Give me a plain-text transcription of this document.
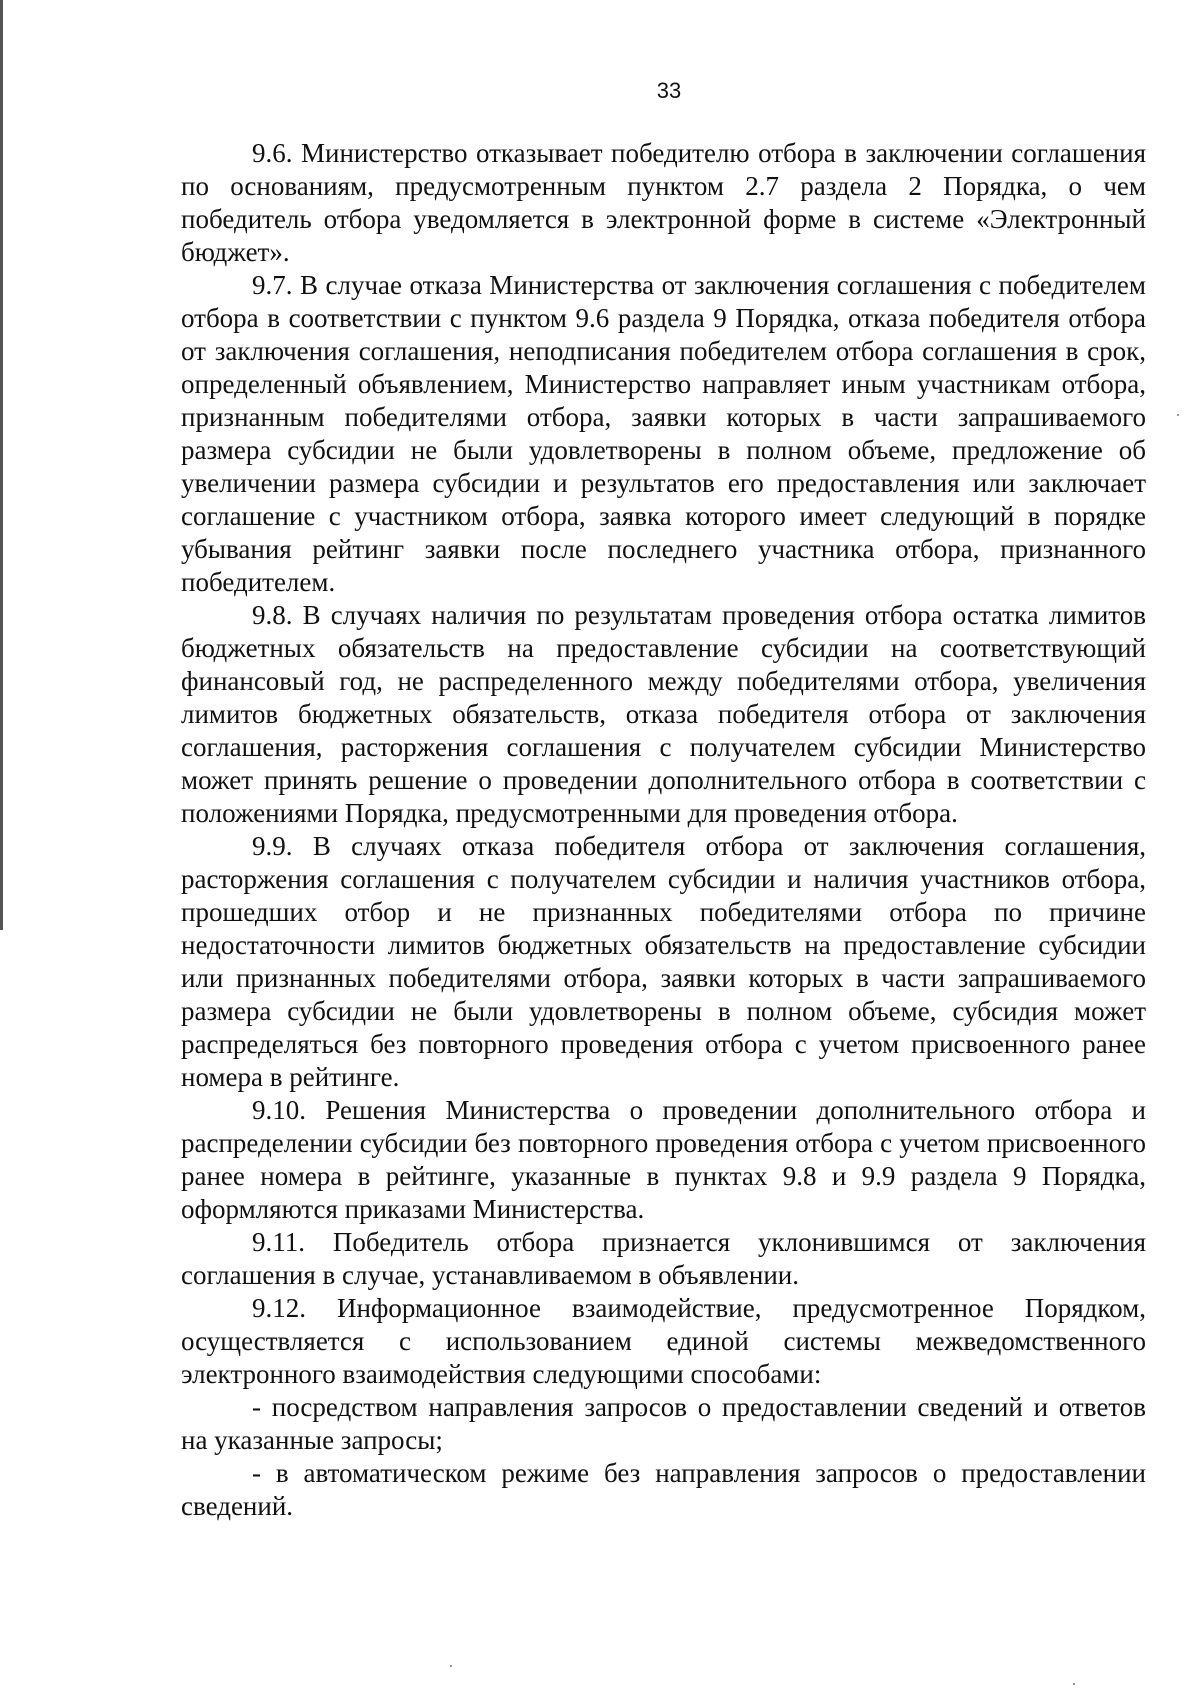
33

9.6. Министерство отказывает победителю отбора в заключении соглашения по основаниям, предусмотренным пунктом 2.7 раздела 2 Порядка, о чем победитель отбора уведомляется в электронной форме в системе «Электронный бюджет».

9.7. В случае отказа Министерства от заключения соглашения с победителем отбора в соответствии с пунктом 9.6 раздела 9 Порядка, отказа победителя отбора от заключения соглашения, неподписания победителем отбора соглашения в срок, определенный объявлением, Министерство направляет иным участникам отбора, признанным победителями отбора, заявки которых в части запрашиваемого размера субсидии не были удовлетворены в полном объеме, предложение об увеличении размера субсидии и результатов его предоставления или заключает соглашение с участником отбора, заявка которого имеет следующий в порядке убывания рейтинг заявки после последнего участника отбора, признанного победителем.

9.8. В случаях наличия по результатам проведения отбора остатка лимитов бюджетных обязательств на предоставление субсидии на соответствующий финансовый год, не распределенного между победителями отбора, увеличения лимитов бюджетных обязательств, отказа победителя отбора от заключения соглашения, расторжения соглашения с получателем субсидии Министерство может принять решение о проведении дополнительного отбора в соответствии с положениями Порядка, предусмотренными для проведения отбора.

9.9. В случаях отказа победителя отбора от заключения соглашения, расторжения соглашения с получателем субсидии и наличия участников отбора, прошедших отбор и не признанных победителями отбора по причине недостаточности лимитов бюджетных обязательств на предоставление субсидии или признанных победителями отбора, заявки которых в части запрашиваемого размера субсидии не были удовлетворены в полном объеме, субсидия может распределяться без повторного проведения отбора с учетом присвоенного ранее номера в рейтинге.

9.10. Решения Министерства о проведении дополнительного отбора и распределении субсидии без повторного проведения отбора с учетом присвоенного ранее номера в рейтинге, указанные в пунктах 9.8 и 9.9 раздела 9 Порядка, оформляются приказами Министерства.

9.11. Победитель отбора признается уклонившимся от заключения соглашения в случае, устанавливаемом в объявлении.

9.12. Информационное взаимодействие, предусмотренное Порядком, осуществляется с использованием единой системы межведомственного электронного взаимодействия следующими способами:

- посредством направления запросов о предоставлении сведений и ответов на указанные запросы;

- в автоматическом режиме без направления запросов о предоставлении сведений.
